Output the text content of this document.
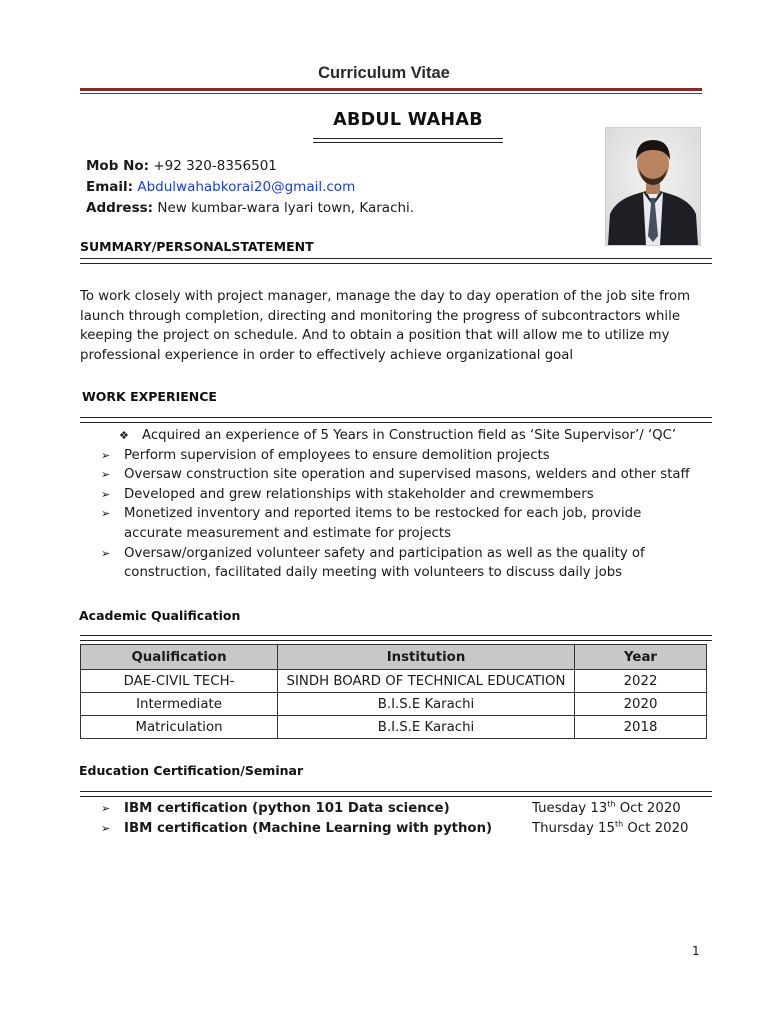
Curriculum Vitae
ABDUL WAHAB
Mob No: +92 320-8356501
Email: Abdulwahabkorai20@gmail.com
Address: New kumbar-wara lyari town, Karachi.
SUMMARY/PERSONALSTATEMENT
To work closely with project manager, manage the day to day operation of the job site from launch through completion, directing and monitoring the progress of subcontractors while keeping the project on schedule. And to obtain a position that will allow me to utilize my professional experience in order to effectively achieve organizational goal
WORK EXPERIENCE
❖ Acquired an experience of 5 Years in Construction field as ‘Site Supervisor’/ ‘QC’
➢ Perform supervision of employees to ensure demolition projects
➢ Oversaw construction site operation and supervised masons, welders and other staff
➢ Developed and grew relationships with stakeholder and crewmembers
➢ Monetized inventory and reported items to be restocked for each job, provide accurate measurement and estimate for projects
➢ Oversaw/organized volunteer safety and participation as well as the quality of construction, facilitated daily meeting with volunteers to discuss daily jobs
Academic Qualification
Qualification	Institution	Year
DAE-CIVIL TECH-	SINDH BOARD OF TECHNICAL EDUCATION	2022
Intermediate	B.I.S.E Karachi	2020
Matriculation	B.I.S.E Karachi	2018
Education Certification/Seminar
➢ IBM certification (python 101 Data science)	Tuesday 13th Oct 2020
➢ IBM certification (Machine Learning with python)	Thursday 15th Oct 2020
1
